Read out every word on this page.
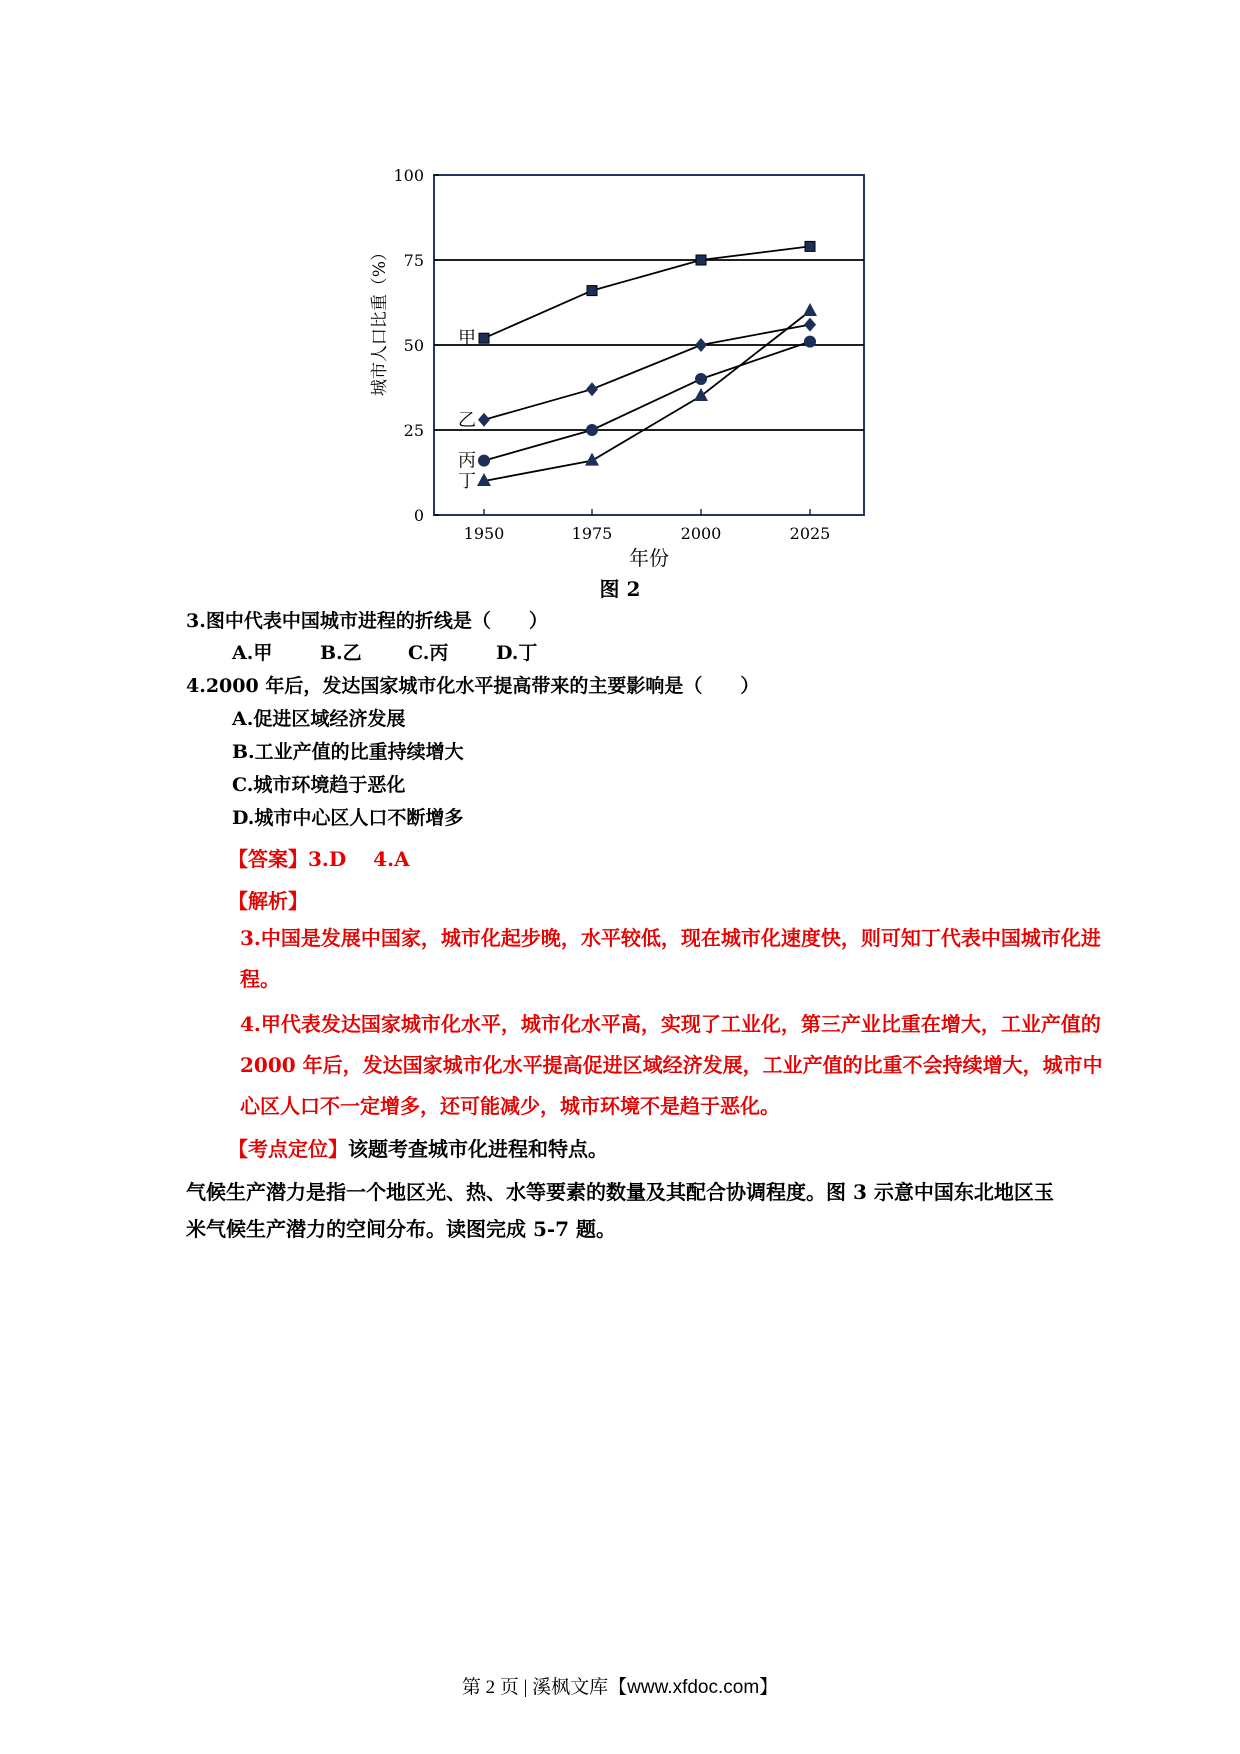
1950	1975	2000	2025
0
25
50
75
100
年份
城市人口比重（%）	甲
乙
丙
丁
图 2
3.图中代表中国城市进程的折线是（　　）
A.甲	B.乙 C.丙	D.丁
4.2000 年后，发达国家城市化水平提高带来的主要影响是（　　）
A.促进区域经济发展
B.工业产值的比重持续增大
C.城市环境趋于恶化
D.城市中心区人口不断增多
【答案】3.D　 4.A
【解析】
3.中国是发展中国家，城市化起步晚，水平较低，现在城市化速度快，则可知丁代表中国城市化进程。
4.甲代表发达国家城市化水平，城市化水平高，实现了工业化，第三产业比重在增大，工业产值的 2000 年后，发达国家城市化水平提高促进区域经济发展，工业产值的比重不会持续增大，城市中心区人口不一定增多，还可能减少，城市环境不是趋于恶化。
【考点定位】该题考查城市化进程和特点。
气候生产潜力是指一个地区光、热、水等要素的数量及其配合协调程度。图 3 示意中国东北地区玉米气候生产潜力的空间分布。读图完成 5-7 题。
第 2 页 | 溪枫文库【www.xfdoc.com】
